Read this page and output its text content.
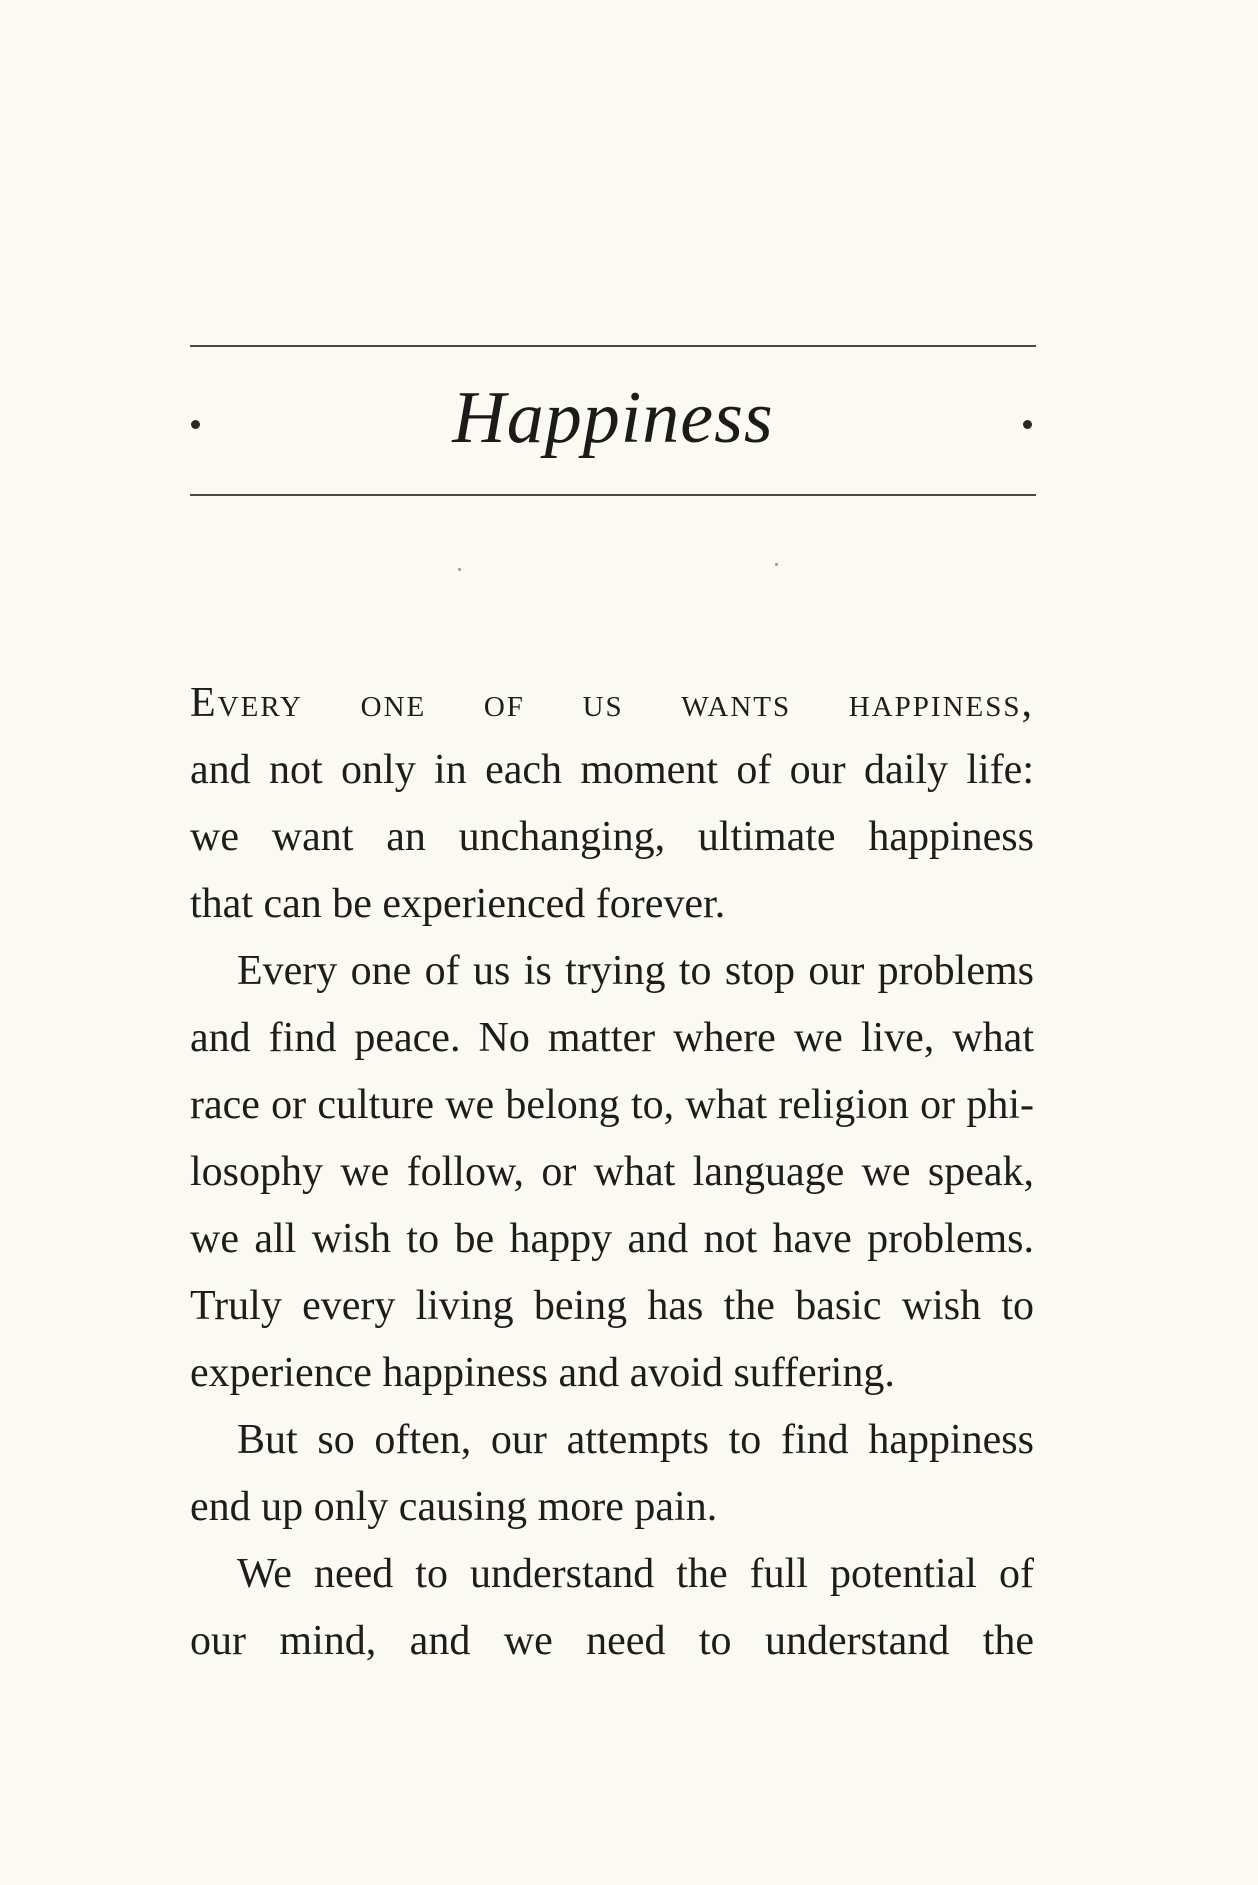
Happiness
Every one of us wants happiness,
and not only in each moment of our daily life:
we want an unchanging, ultimate happiness
that can be experienced forever.
Every one of us is trying to stop our problems
and find peace. No matter where we live, what
race or culture we belong to, what religion or phi-
losophy we follow, or what language we speak,
we all wish to be happy and not have problems.
Truly every living being has the basic wish to
experience happiness and avoid suffering.
But so often, our attempts to find happiness
end up only causing more pain.
We need to understand the full potential of
our mind, and we need to understand the
